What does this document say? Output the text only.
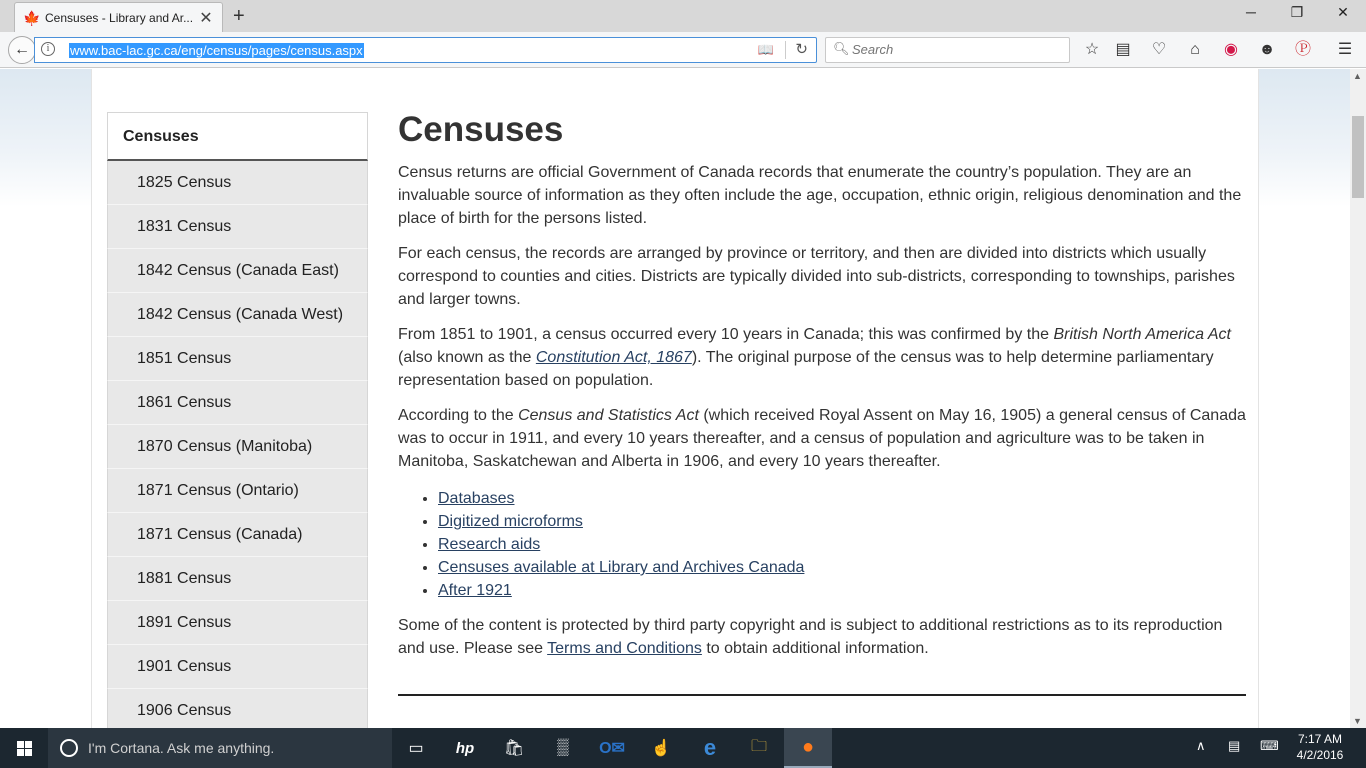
🍁 Censuses - Library and Ar... ✕ +	─	❐	✕
←	i	www.bac-lac.gc.ca/eng/census/pages/census.aspx	📖 ↻ 🔍︎
Search	☆ ▤ ♡	⌂	◉ ☻ Ⓟ ☰
Censuses
1825 Census
1831 Census
1842 Census (Canada East)
1842 Census (Canada West)
1851 Census
1861 Census
1870 Census (Manitoba)
1871 Census (Ontario)
1871 Census (Canada)
1881 Census
1891 Census
1901 Census
1906 Census
Censuses

Census returns are official Government of Canada records that enumerate the country’s population. They are an invaluable source of information as they often include the age, occupation, ethnic origin, religious denomination and the place of birth for the persons listed.

For each census, the records are arranged by province or territory, and then are divided into districts which usually correspond to counties and cities. Districts are typically divided into sub-districts, corresponding to townships, parishes and larger towns.

From 1851 to 1901, a census occurred every 10 years in Canada; this was confirmed by the British North America Act (also known as the Constitution Act, 1867). The original purpose of the census was to help determine parliamentary representation based on population.

According to the Census and Statistics Act (which received Royal Assent on May 16, 1905) a general census of Canada was to occur in 1911, and every 10 years thereafter, and a census of population and agriculture was to be taken in Manitoba, Saskatchewan and Alberta in 1906, and every 10 years thereafter.

• Databases
• Digitized microforms
• Research aids
• Censuses available at Library and Archives Canada
• After 1921

Some of the content is protected by third party copyright and is subject to additional restrictions as to its reproduction and use. Please see Terms and Conditions to obtain additional information.

▲
▼
I'm Cortana. Ask me anything.	▭	hp	🛍︎	▒	O✉	☝	e	🗀	●	∧ ▤ ⌨	7:17 AM
4/2/2016
